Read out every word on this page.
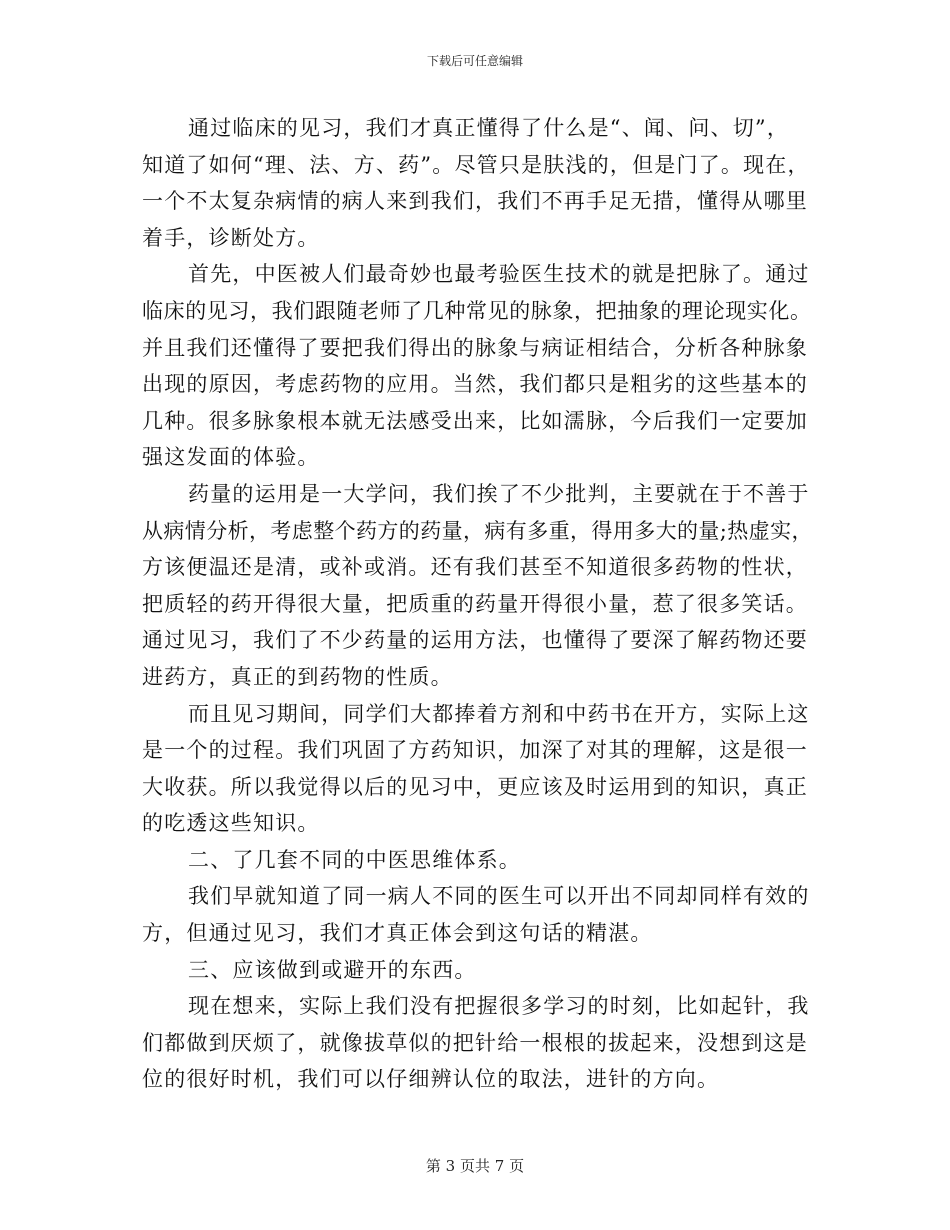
下载后可任意编辑
通过临床的见习，我们才真正懂得了什么是“、闻、问、切”，
知道了如何“理、法、方、药”。尽管只是肤浅的，但是门了。现在，
一个不太复杂病情的病人来到我们，我们不再手足无措，懂得从哪里
着手，诊断处方。
首先，中医被人们最奇妙也最考验医生技术的就是把脉了。通过
临床的见习，我们跟随老师了几种常见的脉象，把抽象的理论现实化。
并且我们还懂得了要把我们得出的脉象与病证相结合，分析各种脉象
出现的原因，考虑药物的应用。当然，我们都只是粗劣的这些基本的
几种。很多脉象根本就无法感受出来，比如濡脉，今后我们一定要加
强这发面的体验。
药量的运用是一大学问，我们挨了不少批判，主要就在于不善于
从病情分析，考虑整个药方的药量，病有多重，得用多大的量;热虚实，
方该便温还是清，或补或消。还有我们甚至不知道很多药物的性状，
把质轻的药开得很大量，把质重的药量开得很小量，惹了很多笑话。
通过见习，我们了不少药量的运用方法，也懂得了要深了解药物还要
进药方，真正的到药物的性质。
而且见习期间，同学们大都捧着方剂和中药书在开方，实际上这
是一个的过程。我们巩固了方药知识，加深了对其的理解，这是很一
大收获。所以我觉得以后的见习中，更应该及时运用到的知识，真正
的吃透这些知识。
二、了几套不同的中医思维体系。
我们早就知道了同一病人不同的医生可以开出不同却同样有效的
方，但通过见习，我们才真正体会到这句话的精湛。
三、应该做到或避开的东西。
现在想来，实际上我们没有把握很多学习的时刻，比如起针，我
们都做到厌烦了，就像拔草似的把针给一根根的拔起来，没想到这是
位的很好时机，我们可以仔细辨认位的取法，进针的方向。
第 3 页共 7 页
